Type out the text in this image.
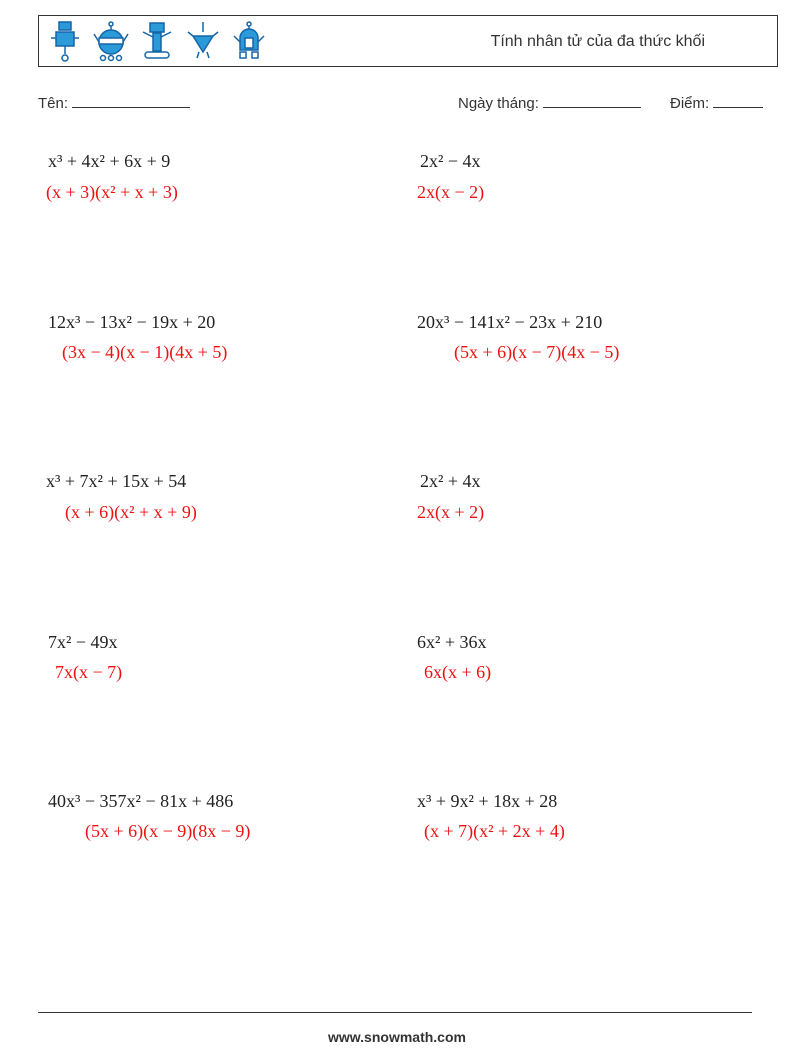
Tính nhân tử của đa thức khối
Tên:	Ngày tháng:	Điểm:
x³ + 4x² + 6x + 9
(x + 3)(x² + x + 3)
2x² − 4x
2x(x − 2)
12x³ − 13x² − 19x + 20
(3x − 4)(x − 1)(4x + 5)
20x³ − 141x² − 23x + 210
(5x + 6)(x − 7)(4x − 5)
x³ + 7x² + 15x + 54
(x + 6)(x² + x + 9)
2x² + 4x
2x(x + 2)
7x² − 49x
7x(x − 7)
6x² + 36x
6x(x + 6)
40x³ − 357x² − 81x + 486
(5x + 6)(x − 9)(8x − 9)
x³ + 9x² + 18x + 28
(x + 7)(x² + 2x + 4)
www.snowmath.com
